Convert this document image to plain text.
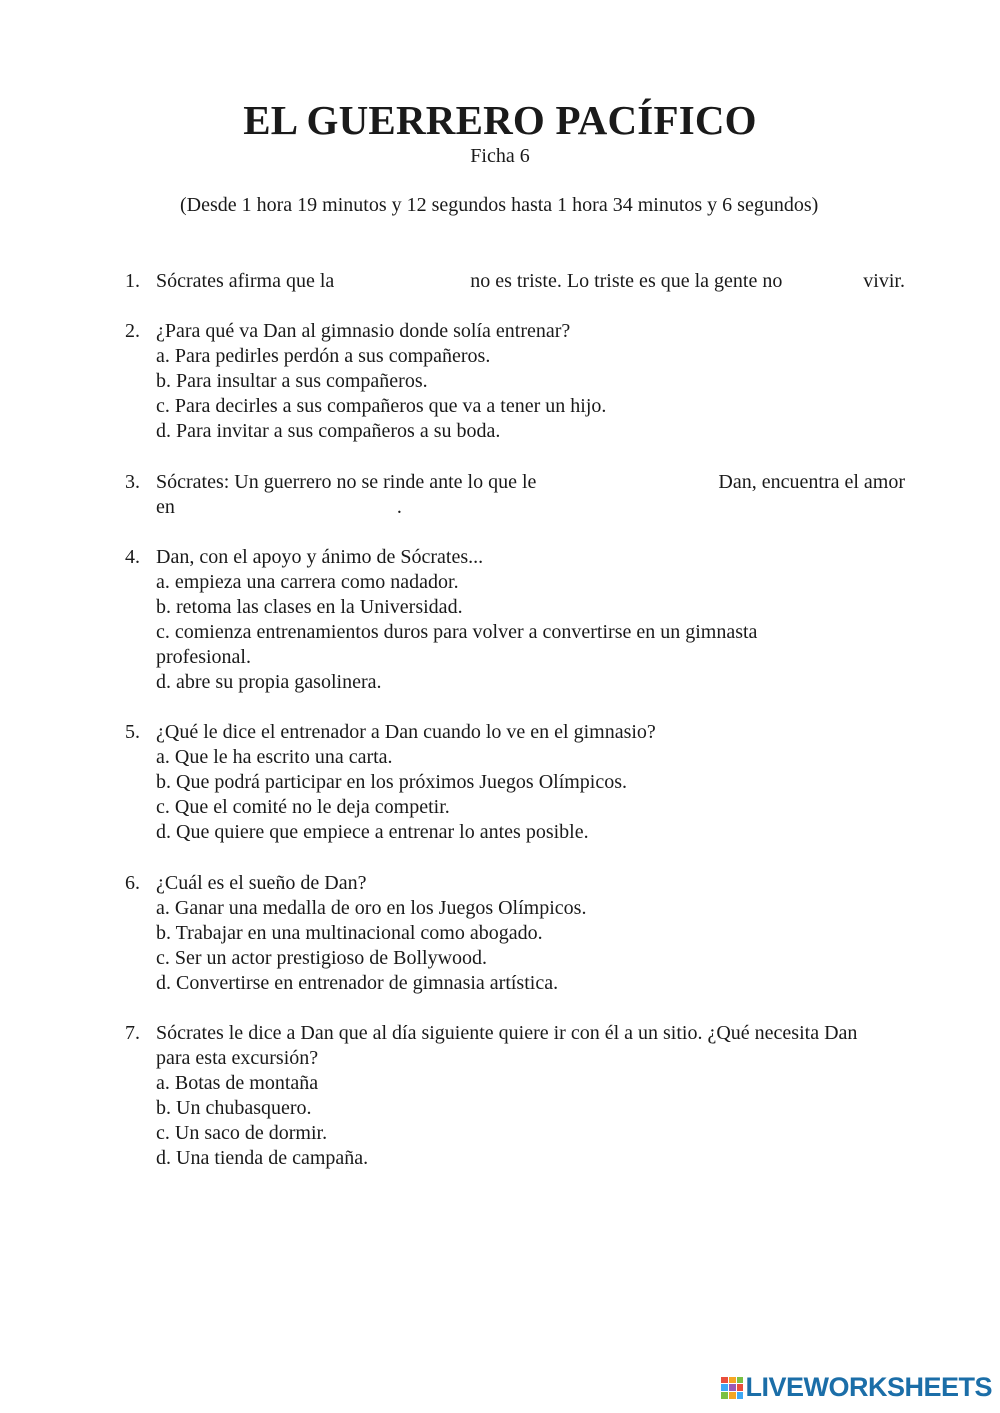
EL GUERRERO PACÍFICO
Ficha 6
(Desde 1 hora 19 minutos y 12 segundos hasta 1 hora 34 minutos y 6 segundos)
1. Sócrates afirma que la	no es triste. Lo triste es que la gente no	vivir.
2. ¿Para qué va Dan al gimnasio donde solía entrenar?
a. Para pedirles perdón a sus compañeros.
b. Para insultar a sus compañeros.
c. Para decirles a sus compañeros que va a tener un hijo.
d. Para invitar a sus compañeros a su boda.
3. Sócrates: Un guerrero no se rinde ante lo que le	Dan, encuentra el amor
en	.
4. Dan, con el apoyo y ánimo de Sócrates...
a. empieza una carrera como nadador.
b. retoma las clases en la Universidad.
c. comienza entrenamientos duros para volver a convertirse en un gimnasta profesional.
d. abre su propia gasolinera.
5. ¿Qué le dice el entrenador a Dan cuando lo ve en el gimnasio?
a. Que le ha escrito una carta.
b. Que podrá participar en los próximos Juegos Olímpicos.
c. Que el comité no le deja competir.
d. Que quiere que empiece a entrenar lo antes posible.
6. ¿Cuál es el sueño de Dan?
a. Ganar una medalla de oro en los Juegos Olímpicos.
b. Trabajar en una multinacional como abogado.
c. Ser un actor prestigioso de Bollywood.
d. Convertirse en entrenador de gimnasia artística.
7. Sócrates le dice a Dan que al día siguiente quiere ir con él a un sitio. ¿Qué necesita Dan para esta excursión?
a. Botas de montaña
b. Un chubasquero.
c. Un saco de dormir.
d. Una tienda de campaña.
LIVEWORKSHEETS
